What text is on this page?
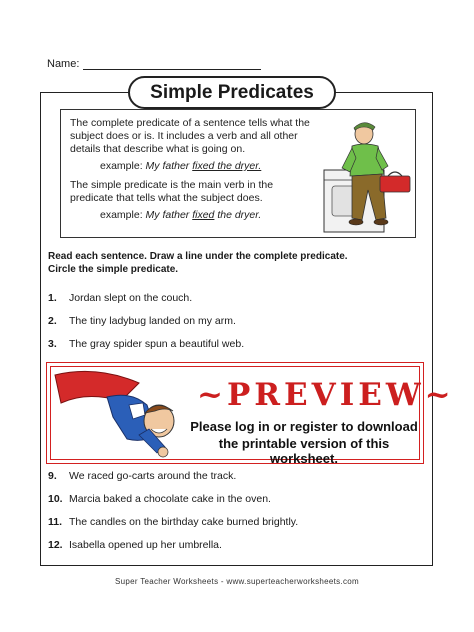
Name:
Simple Predicates

The complete predicate of a sentence tells what the subject does or is. It includes a verb and all other details that describe what is going on.

example: My father fixed the dryer.

The simple predicate is the main verb in the predicate that tells what the subject does.

example: My father fixed the dryer.

Read each sentence. Draw a line under the complete predicate.
Circle the simple predicate.
1.	Jordan slept on the couch.
2.	The tiny ladybug landed on my arm.
3.	The gray spider spun a beautiful web.
~PREVIEW~
Please log in or register to download
the printable version of this worksheet.
9.	We raced go-carts around the track.
10. Marcia baked a chocolate cake in the oven.
11. The candles on the birthday cake burned brightly.
12. Isabella opened up her umbrella.
Super Teacher Worksheets - www.superteacherworksheets.com
